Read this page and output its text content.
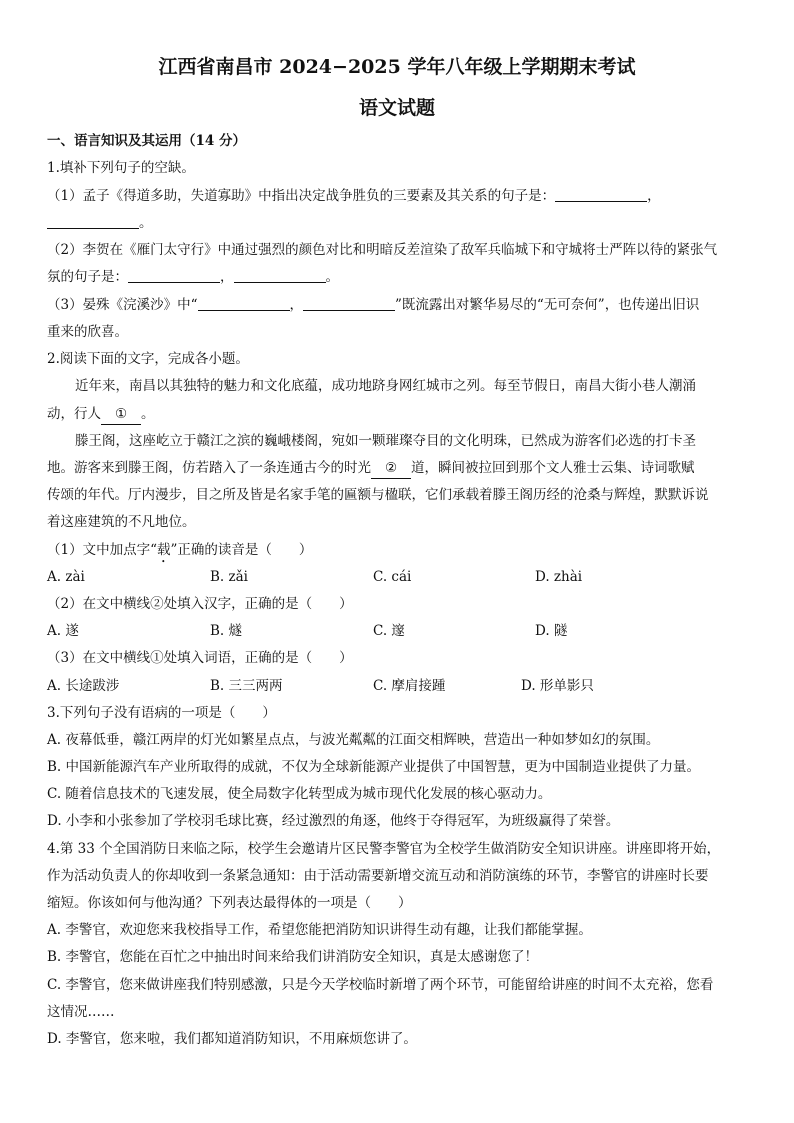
江西省南昌市 2024−2025 学年八年级上学期期末考试
语文试题
一、语言知识及其运用（14 分）
1.填补下列句子的空缺。
（1）孟子《得道多助，失道寡助》中指出决定战争胜负的三要素及其关系的句子是：	，
。
（2）李贺在《雁门太守行》中通过强烈的颜色对比和明暗反差渲染了敌军兵临城下和守城将士严阵以待的紧张气
氛的句子是：	，	。
（3）晏殊《浣溪沙》中“	，	”既流露出对繁华易尽的“无可奈何”，也传递出旧识
重来的欣喜。
2.阅读下面的文字，完成各小题。
近年来，南昌以其独特的魅力和文化底蕴，成功地跻身网红城市之列。每至节假日，南昌大街小巷人潮涌
动，行人 ① 。
滕王阁，这座屹立于赣江之滨的巍峨楼阁，宛如一颗璀璨夺目的文化明珠，已然成为游客们必选的打卡圣
地。游客来到滕王阁，仿若踏入了一条连通古今的时光 ② 道，瞬间被拉回到那个文人雅士云集、诗词歌赋
传颂的年代。厅内漫步，目之所及皆是名家手笔的匾额与楹联，它们承载着滕王阁历经的沧桑与辉煌，默默诉说
着这座建筑的不凡地位。
（1）文中加点字“载”正确的读音是（　　）
A. zài	B. zǎi	C. cái	D. zhài
（2）在文中横线②处填入汉字，正确的是（　　）
A. 遂	B. 燧	C. 邃	D. 隧
（3）在文中横线①处填入词语，正确的是（　　）
A. 长途跋涉	B. 三三两两	C. 摩肩接踵	D. 形单影只
3.下列句子没有语病的一项是（　　）
A. 夜幕低垂，赣江两岸的灯光如繁星点点，与波光粼粼的江面交相辉映，营造出一种如梦如幻的氛围。
B. 中国新能源汽车产业所取得的成就，不仅为全球新能源产业提供了中国智慧，更为中国制造业提供了力量。
C. 随着信息技术的飞速发展，使全局数字化转型成为城市现代化发展的核心驱动力。
D. 小李和小张参加了学校羽毛球比赛，经过激烈的角逐，他终于夺得冠军，为班级赢得了荣誉。
4.第 33 个全国消防日来临之际，校学生会邀请片区民警李警官为全校学生做消防安全知识讲座。讲座即将开始，
作为活动负责人的你却收到一条紧急通知：由于活动需要新增交流互动和消防演练的环节，李警官的讲座时长要
缩短。你该如何与他沟通？下列表达最得体的一项是（　　）
A. 李警官，欢迎您来我校指导工作，希望您能把消防知识讲得生动有趣，让我们都能掌握。
B. 李警官，您能在百忙之中抽出时间来给我们讲消防安全知识，真是太感谢您了！
C. 李警官，您来做讲座我们特别感激，只是今天学校临时新增了两个环节，可能留给讲座的时间不太充裕，您看
这情况……
D. 李警官，您来啦，我们都知道消防知识，不用麻烦您讲了。
